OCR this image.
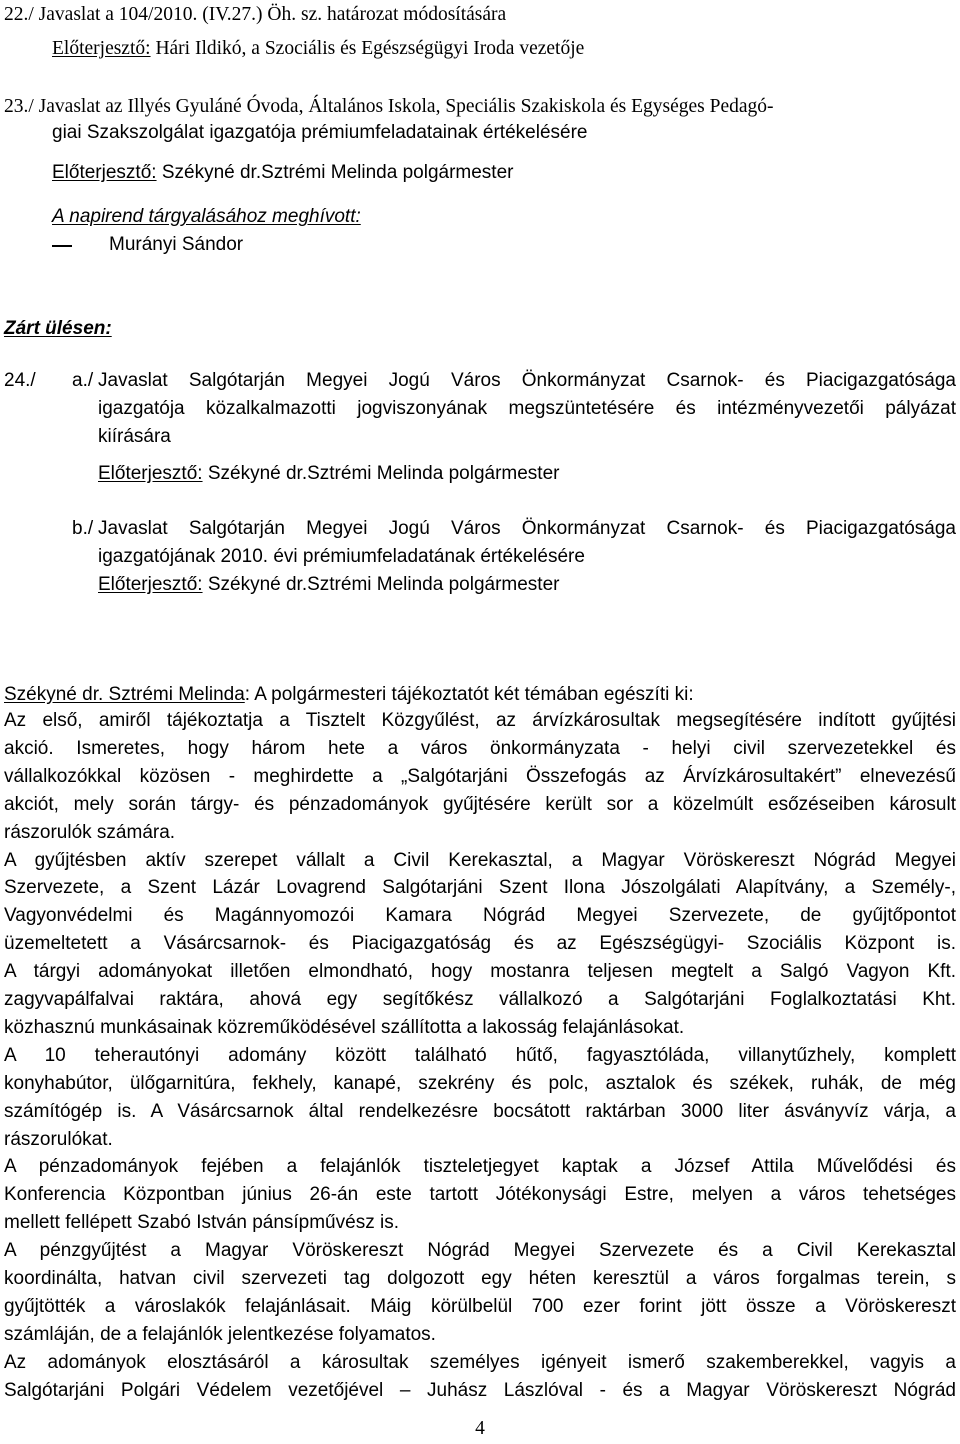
22./ Javaslat a 104/2010. (IV.27.) Öh. sz. határozat módosítására
Előterjesztő: Hári Ildikó, a Szociális és Egészségügyi Iroda vezetője
23./ Javaslat az Illyés Gyuláné Óvoda, Általános Iskola, Speciális Szakiskola és Egységes Pedagó-
giai Szakszolgálat igazgatója prémiumfeladatainak értékelésére
Előterjesztő: Székyné dr.Sztrémi Melinda polgármester
A napirend tárgyalásához meghívott:
Murányi Sándor
Zárt ülésen:
24./	a./ Javaslat Salgótarján Megyei Jogú Város Önkormányzat Csarnok- és Piacigazgatósága
igazgatója közalkalmazotti jogviszonyának megszüntetésére és intézményvezetői pályázat
kiírására
Előterjesztő: Székyné dr.Sztrémi Melinda polgármester
b./ Javaslat Salgótarján Megyei Jogú Város Önkormányzat Csarnok- és Piacigazgatósága
igazgatójának 2010. évi prémiumfeladatának értékelésére
Előterjesztő: Székyné dr.Sztrémi Melinda polgármester
Székyné dr. Sztrémi Melinda: A polgármesteri tájékoztatót két témában egészíti ki:
Az első, amiről tájékoztatja a Tisztelt Közgyűlést, az árvízkárosultak megsegítésére indított gyűjtési
akció. Ismeretes, hogy három hete a város önkormányzata - helyi civil szervezetekkel és
vállalkozókkal közösen - meghirdette a „Salgótarjáni Összefogás az Árvízkárosultakért” elnevezésű
akciót, mely során tárgy- és pénzadományok gyűjtésére került sor a közelmúlt esőzéseiben károsult
rászorulók számára.
A gyűjtésben aktív szerepet vállalt a Civil Kerekasztal, a Magyar Vöröskereszt Nógrád Megyei
Szervezete, a Szent Lázár Lovagrend Salgótarjáni Szent Ilona Jószolgálati Alapítvány, a Személy-,
Vagyonvédelmi és Magánnyomozói Kamara Nógrád Megyei Szervezete, de gyűjtőpontot
üzemeltetett a Vásárcsarnok- és Piacigazgatóság és az Egészségügyi- Szociális Központ is.
A tárgyi adományokat illetően elmondható, hogy mostanra teljesen megtelt a Salgó Vagyon Kft.
zagyvapálfalvai raktára, ahová egy segítőkész vállalkozó a Salgótarjáni Foglalkoztatási Kht.
közhasznú munkásainak közreműködésével szállította a lakosság felajánlásokat.
A 10 teherautónyi adomány között található hűtő, fagyasztóláda, villanytűzhely, komplett
konyhabútor, ülőgarnitúra, fekhely, kanapé, szekrény és polc, asztalok és székek, ruhák, de még
számítógép is. A Vásárcsarnok által rendelkezésre bocsátott raktárban 3000 liter ásványvíz várja, a
rászorulókat.
A pénzadományok fejében a felajánlók tiszteletjegyet kaptak a József Attila Művelődési és
Konferencia Központban június 26-án este tartott Jótékonysági Estre, melyen a város tehetséges
mellett fellépett Szabó István pánsípművész is.
A pénzgyűjtést a Magyar Vöröskereszt Nógrád Megyei Szervezete és a Civil Kerekasztal
koordinálta, hatvan civil szervezeti tag dolgozott egy héten keresztül a város forgalmas terein, s
gyűjtötték a városlakók felajánlásait. Máig körülbelül 700 ezer forint jött össze a Vöröskereszt
számláján, de a felajánlók jelentkezése folyamatos.
Az adományok elosztásáról a károsultak személyes igényeit ismerő szakemberekkel, vagyis a
Salgótarjáni Polgári Védelem vezetőjével – Juhász Lászlóval - és a Magyar Vöröskereszt Nógrád
4
